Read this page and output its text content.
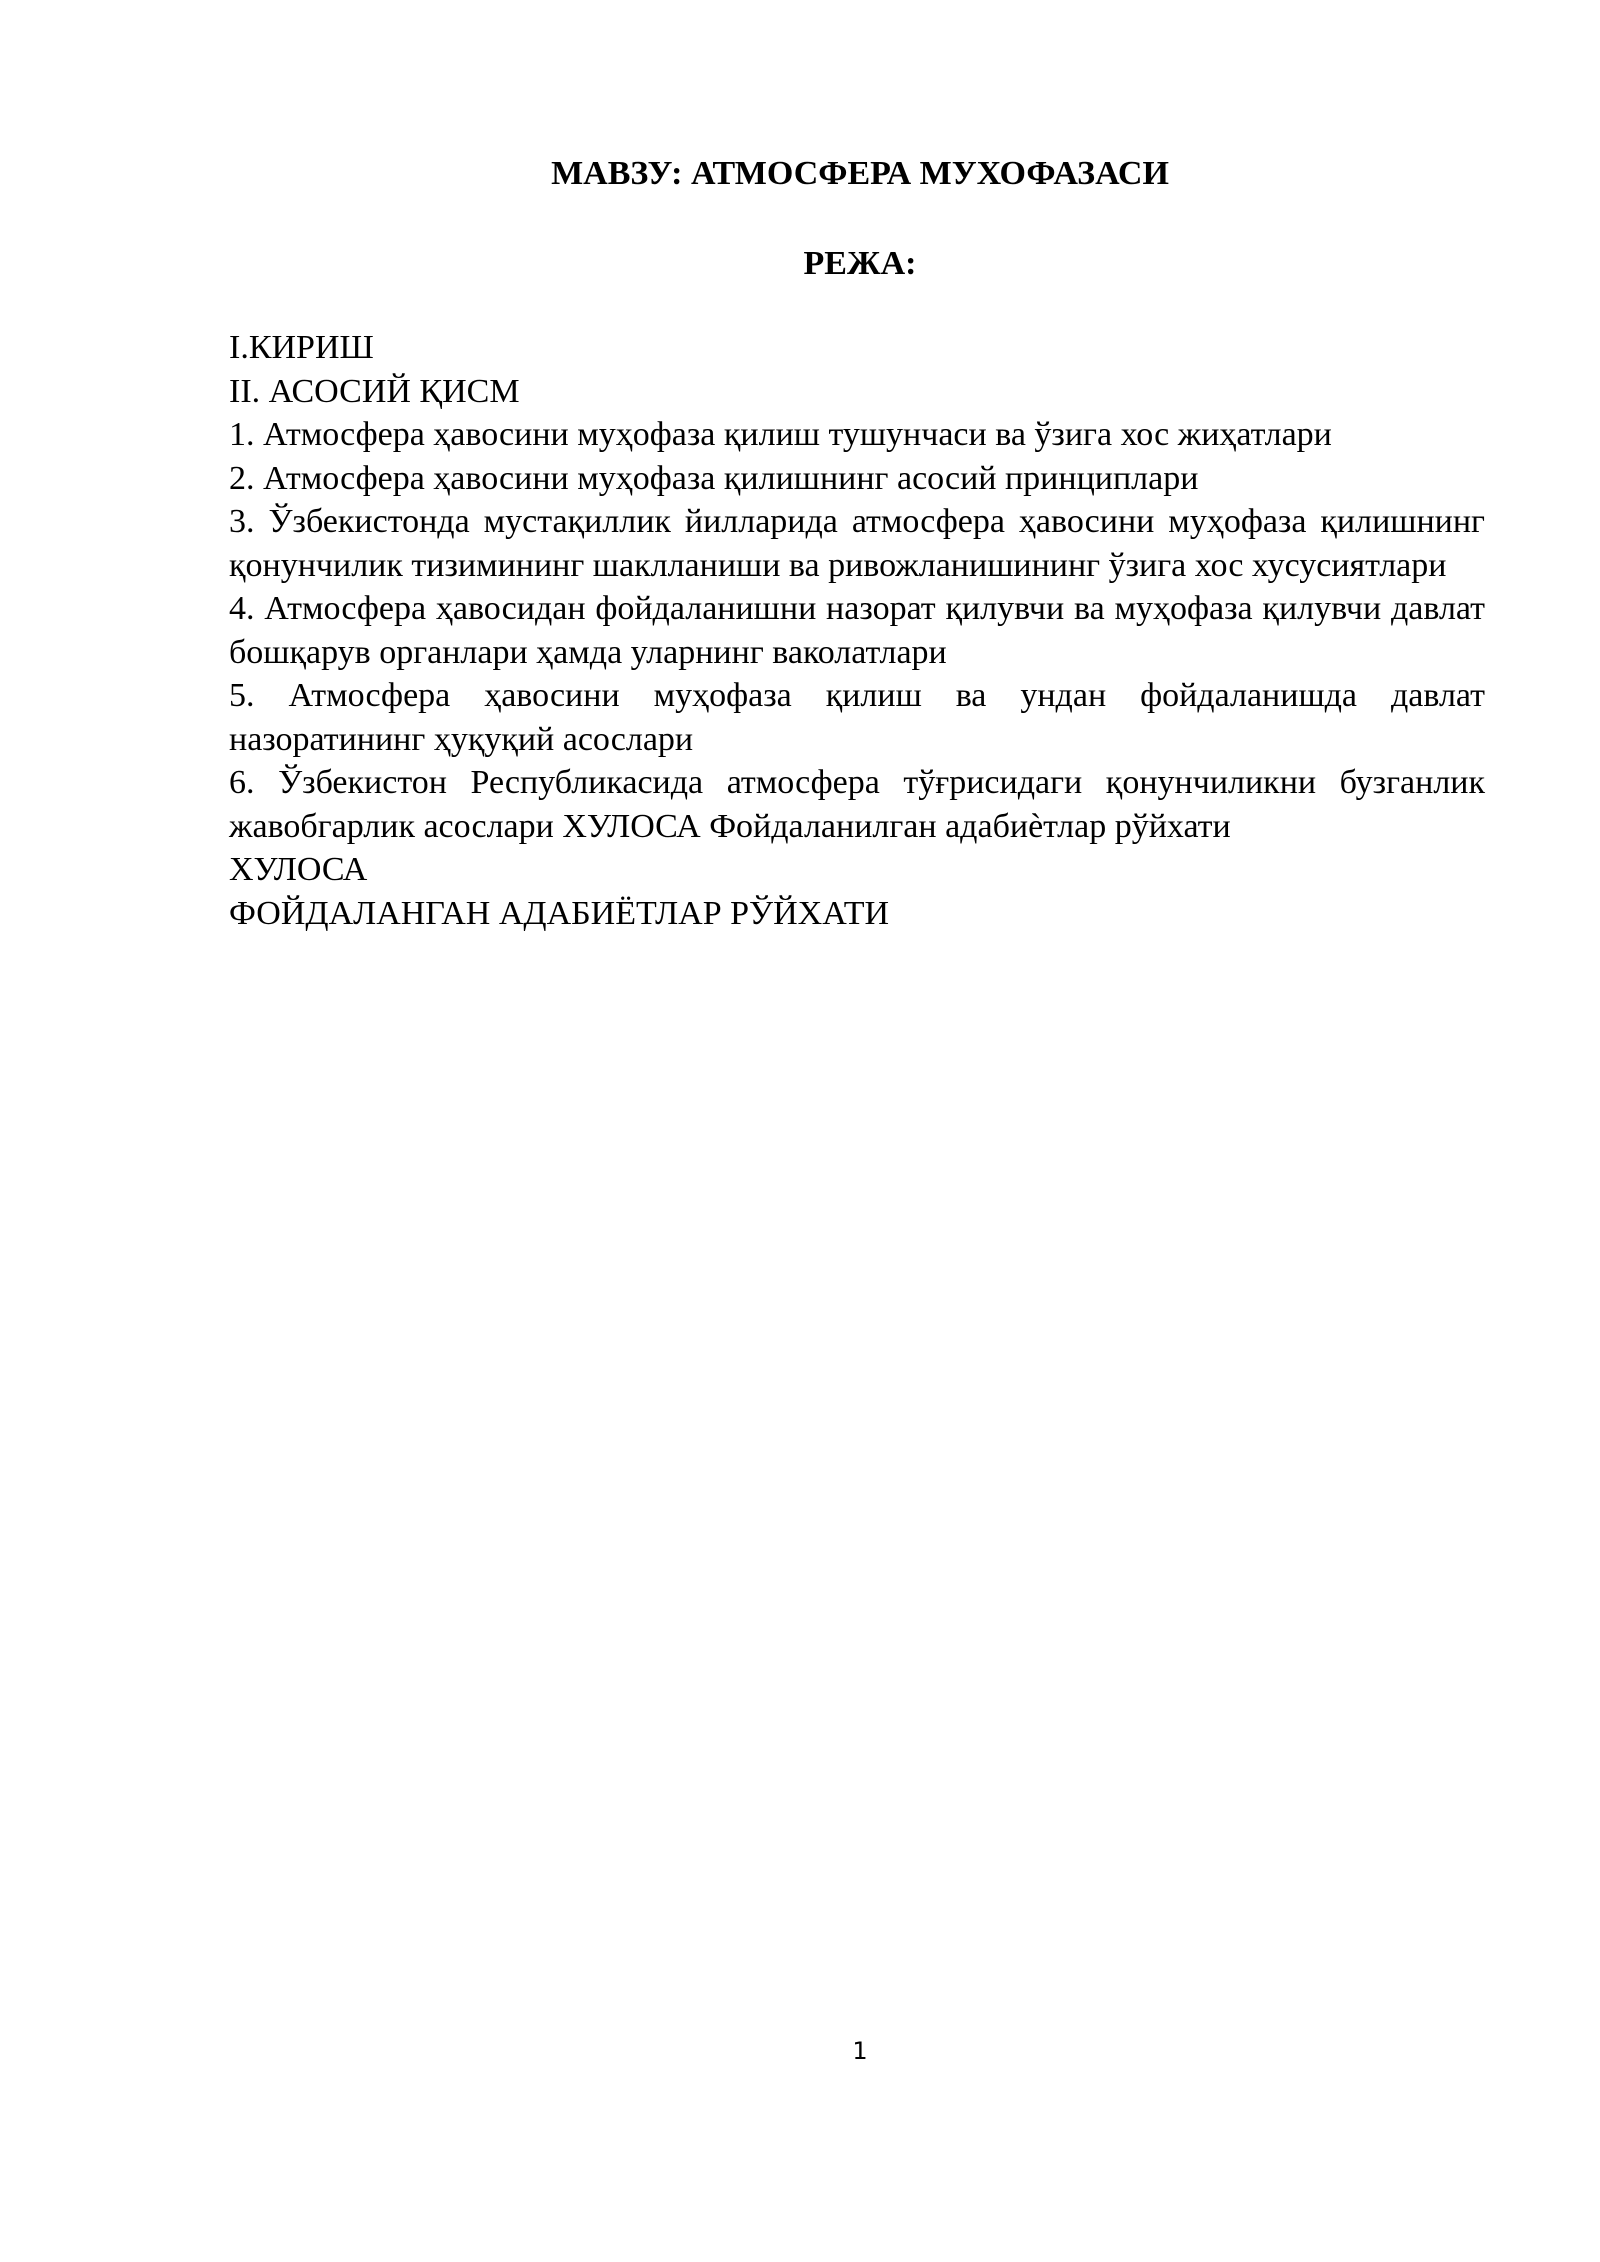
МАВЗУ: АТМОСФЕРА МУХОФАЗАСИ
РЕЖА:

I.КИРИШ

II. АСОСИЙ ҚИСМ

1. Атмосфера ҳавосини муҳофаза қилиш тушунчаси ва ўзига хос жиҳатлари

2. Атмосфера ҳавосини муҳофаза қилишнинг асосий принциплари

3. Ўзбекистонда мустақиллик йилларида атмосфера ҳавосини муҳофаза қилишнинг қонунчилик тизимининг шаклланиши ва ривожланишининг ўзига хос хусусиятлари

4. Атмосфера ҳавосидан фойдаланишни назорат қилувчи ва муҳофаза қилувчи давлат бошқарув органлари ҳамда уларнинг ваколатлари

5. Атмосфера ҳавосини муҳофаза қилиш ва ундан фойдаланишда давлат назоратининг ҳуқуқий асослари

6. Ўзбекистон Республикасида атмосфера тўғрисидаги қонунчиликни бузганлик жавобгарлик асослари ХУЛОСА Фойдаланилган адабиѐтлар рўйхати

ХУЛОСА

ФОЙДАЛАНГАН АДАБИЁТЛАР РЎЙХАТИ

1
